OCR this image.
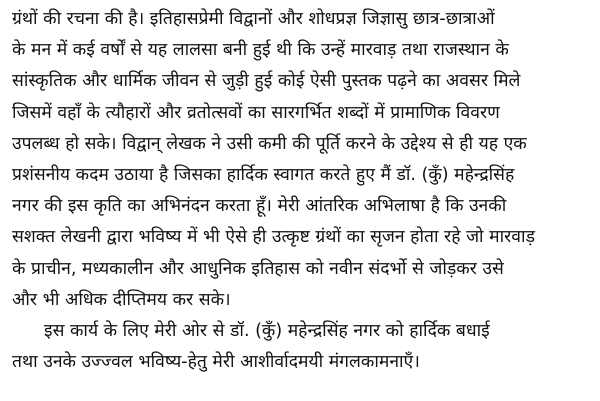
ग्रंथों की रचना की है। इतिहासप्रेमी विद्वानों और शोधप्रज्ञ जिज्ञासु छात्र-छात्राओं
के मन में कई वर्षों से यह लालसा बनी हुई थी कि उन्हें मारवाड़ तथा राजस्थान के
सांस्कृतिक और धार्मिक जीवन से जुड़ी हुई कोई ऐसी पुस्तक पढ़ने का अवसर मिले
जिसमें वहाँ के त्यौहारों और व्रतोत्सवों का सारगर्भित शब्दों में प्रामाणिक विवरण
उपलब्ध हो सके। विद्वान् लेखक ने उसी कमी की पूर्ति करने के उद्देश्य से ही यह एक
प्रशंसनीय कदम उठाया है जिसका हार्दिक स्वागत करते हुए मैं डॉ. (कुँ) महेन्द्रसिंह
नगर की इस कृति का अभिनंदन करता हूँ। मेरी आंतरिक अभिलाषा है कि उनकी
सशक्त लेखनी द्वारा भविष्य में भी ऐसे ही उत्कृष्ट ग्रंथों का सृजन होता रहे जो मारवाड़
के प्राचीन, मध्यकालीन और आधुनिक इतिहास को नवीन संदर्भो से जोड़कर उसे
और भी अधिक दीप्तिमय कर सके।
इस कार्य के लिए मेरी ओर से डॉ. (कुँ) महेन्द्रसिंह नगर को हार्दिक बधाई
तथा उनके उज्ज्वल भविष्य-हेतु मेरी आशीर्वादमयी मंगलकामनाएँ।
